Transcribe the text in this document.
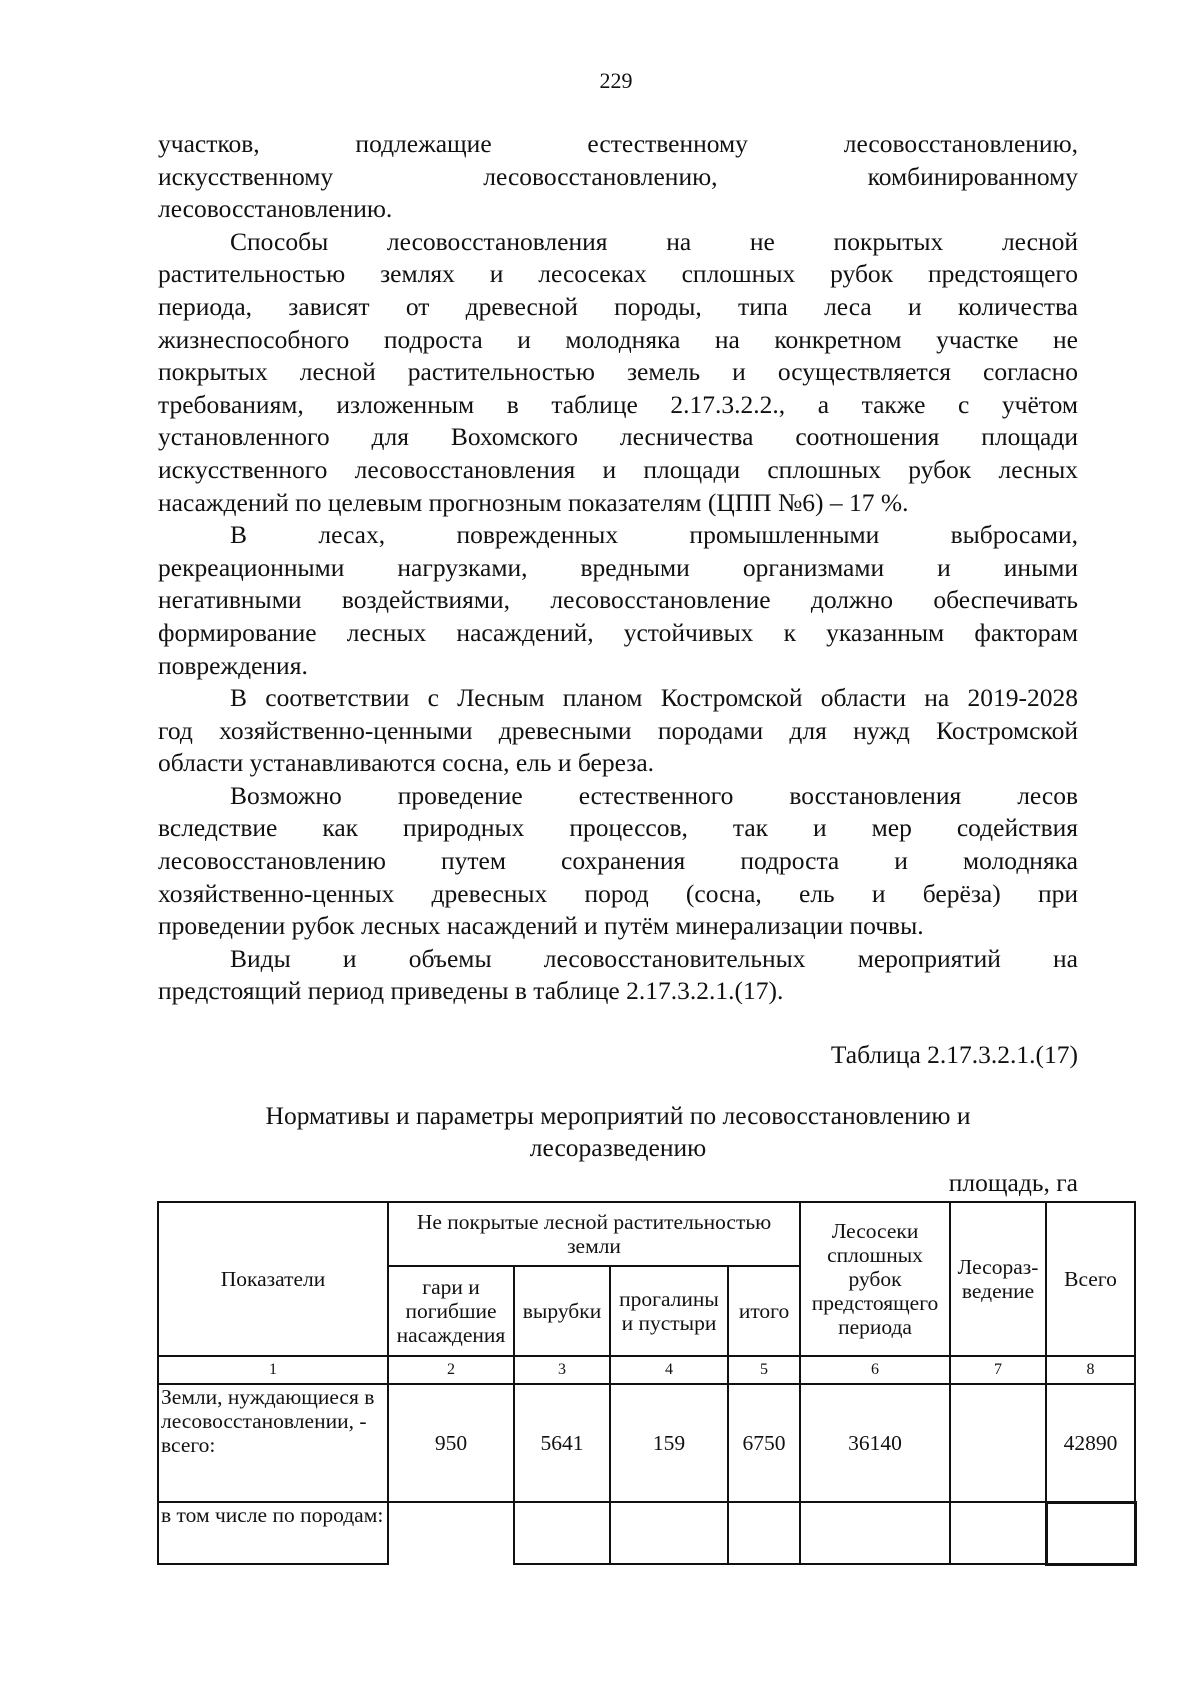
229

участков, подлежащие естественному лесовосстановлению,
искусственному лесовосстановлению, комбинированному

лесовосстановлению.

Способы лесовосстановления на не покрытых лесной
растительностью землях и лесосеках сплошных рубок предстоящего
периода, зависят от древесной породы, типа леса и количества
жизнеспособного подроста и молодняка на конкретном участке не
покрытых лесной растительностью земель и осуществляется согласно
требованиям, изложенным в таблице 2.17.3.2.2., а также с учётом
установленного для Вохомского лесничества соотношения площади
искусственного лесовосстановления и площади сплошных рубок лесных

насаждений по целевым прогнозным показателям (ЦПП №6) – 17 %.

В лесах, поврежденных промышленными выбросами,
рекреационными нагрузками, вредными организмами и иными
негативными воздействиями, лесовосстановление должно обеспечивать
формирование лесных насаждений, устойчивых к указанным факторам

повреждения.

В соответствии с Лесным планом Костромской области на 2019-2028
год хозяйственно-ценными древесными породами для нужд Костромской

области устанавливаются сосна, ель и береза.

Возможно проведение естественного восстановления лесов
вследствие как природных процессов, так и мер содействия
лесовосстановлению путем сохранения подроста и молодняка
хозяйственно-ценных древесных пород (сосна, ель и берёза) при

проведении рубок лесных насаждений и путём минерализации почвы.

Виды и объемы лесовосстановительных мероприятий на

предстоящий период приведены в таблице 2.17.3.2.1.(17).

Таблица 2.17.3.2.1.(17)
Нормативы и параметры мероприятий по лесовосстановлению и
лесоразведению
площадь, га
Показатели	Не покрытые лесной растительностью земли				Лесосеки сплошных рубок предстоящего периода	Лесораз-ведение	Всего
	гари и погибшие насаждения	вырубки	прогалины и пустыри	итого			
1	2	3	4	5	6	7	8
Земли, нуждающиеся в лесовосстановлении, - всего:	950	5641	159	6750	36140		42890
в том числе по породам:							
